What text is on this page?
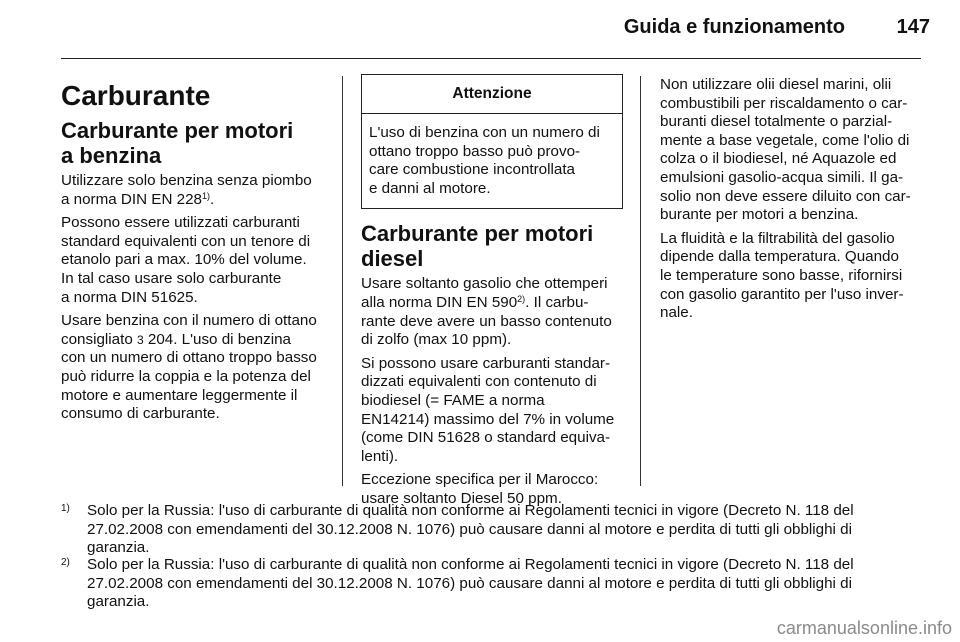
Guida e funzionamento	147
Carburante
Carburante per motori
a benzina

Utilizzare solo benzina senza piombo
a norma DIN EN 228$^{1)}$.

Possono essere utilizzati carburanti
standard equivalenti con un tenore di
etanolo pari a max. 10% del volume.
In tal caso usare solo carburante
a norma DIN 51625.

Usare benzina con il numero di ottano
consigliato 3 204. L'uso di benzina
con un numero di ottano troppo basso
può ridurre la coppia e la potenza del
motore e aumentare leggermente il
consumo di carburante.

Attenzione
L'uso di benzina con un numero di
ottano troppo basso può provo-
care combustione incontrollata
e danni al motore.
Carburante per motori
diesel

Usare soltanto gasolio che ottemperi
alla norma DIN EN 590$^{2)}$. Il carbu-
rante deve avere un basso contenuto
di zolfo (max 10 ppm).

Si possono usare carburanti standar-
dizzati equivalenti con contenuto di
biodiesel (= FAME a norma
EN14214) massimo del 7% in volume
(come DIN 51628 o standard equiva-
lenti).

Eccezione specifica per il Marocco:
usare soltanto Diesel 50 ppm.

Non utilizzare olii diesel marini, olii
combustibili per riscaldamento o car-
buranti diesel totalmente o parzial-
mente a base vegetale, come l'olio di
colza o il biodiesel, né Aquazole ed
emulsioni gasolio-acqua simili. Il ga-
solio non deve essere diluito con car-
burante per motori a benzina.

La fluidità e la filtrabilità del gasolio
dipende dalla temperatura. Quando
le temperature sono basse, rifornirsi
con gasolio garantito per l'uso inver-
nale.

1) Solo per la Russia: l'uso di carburante di qualità non conforme ai Regolamenti tecnici in vigore (Decreto N. 118 del
27.02.2008 con emendamenti del 30.12.2008 N. 1076) può causare danni al motore e perdita di tutti gli obblighi di
garanzia.
2) Solo per la Russia: l'uso di carburante di qualità non conforme ai Regolamenti tecnici in vigore (Decreto N. 118 del
27.02.2008 con emendamenti del 30.12.2008 N. 1076) può causare danni al motore e perdita di tutti gli obblighi di
garanzia.
carmanualsonline.info
